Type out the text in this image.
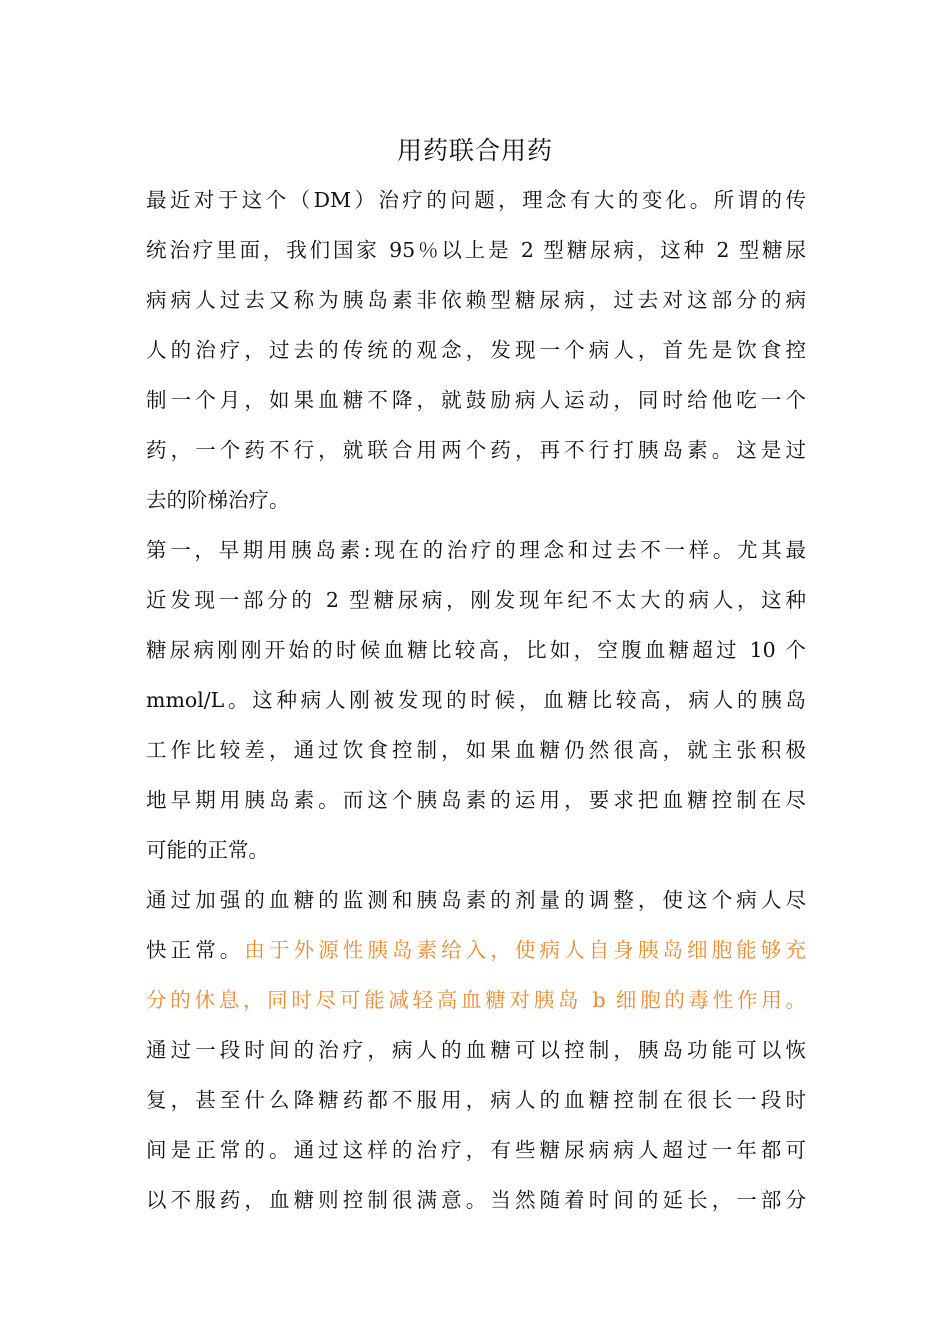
用药联合用药
最近对于这个（DM）治疗的问题，理念有大的变化。所谓的传
统治疗里面，我们国家 95％以上是 2 型糖尿病，这种 2 型糖尿
病病人过去又称为胰岛素非依赖型糖尿病，过去对这部分的病
人的治疗，过去的传统的观念，发现一个病人，首先是饮食控
制一个月，如果血糖不降，就鼓励病人运动，同时给他吃一个
药，一个药不行，就联合用两个药，再不行打胰岛素。这是过
去的阶梯治疗。
第一，早期用胰岛素:现在的治疗的理念和过去不一样。尤其最
近发现一部分的 2 型糖尿病，刚发现年纪不太大的病人，这种
糖尿病刚刚开始的时候血糖比较高，比如，空腹血糖超过 10 个
mmol/L。这种病人刚被发现的时候，血糖比较高，病人的胰岛
工作比较差，通过饮食控制，如果血糖仍然很高，就主张积极
地早期用胰岛素。而这个胰岛素的运用，要求把血糖控制在尽
可能的正常。
通过加强的血糖的监测和胰岛素的剂量的调整，使这个病人尽
快正常。由于外源性胰岛素给入，使病人自身胰岛细胞能够充
分的休息，同时尽可能减轻高血糖对胰岛 b 细胞的毒性作用。
通过一段时间的治疗，病人的血糖可以控制，胰岛功能可以恢
复，甚至什么降糖药都不服用，病人的血糖控制在很长一段时
间是正常的。通过这样的治疗，有些糖尿病病人超过一年都可
以不服药，血糖则控制很满意。当然随着时间的延长，一部分
